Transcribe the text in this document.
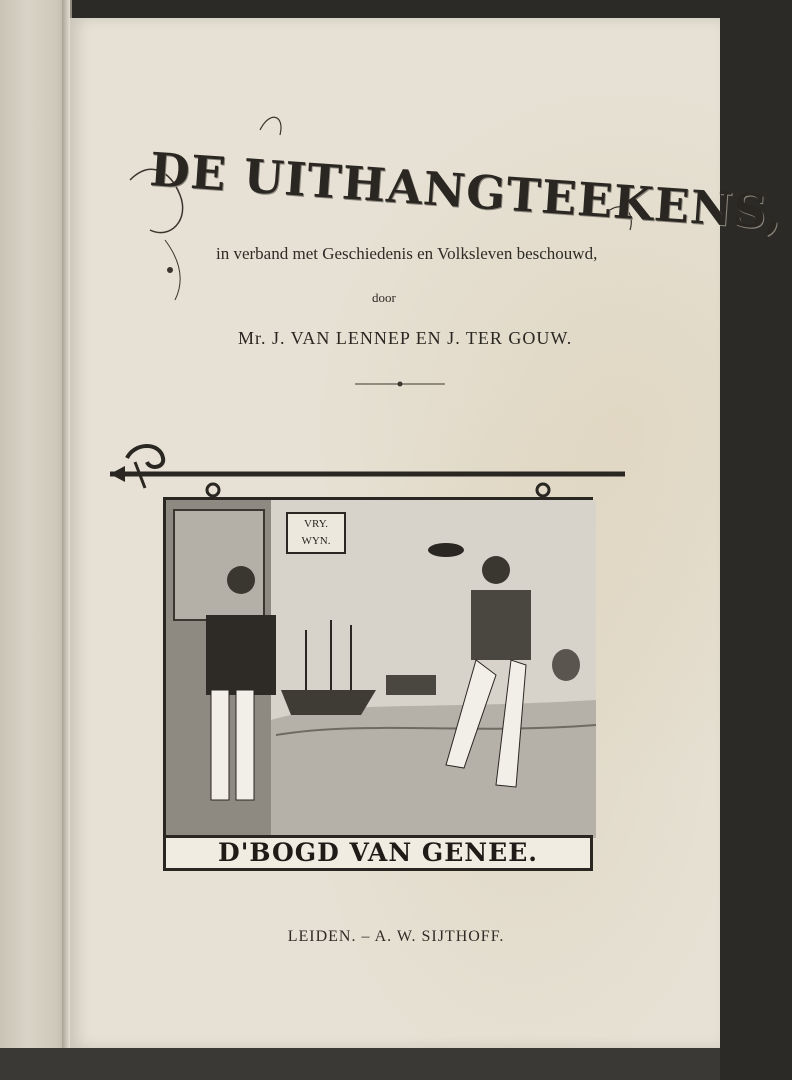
DE UITHANGTEEKENS,
in verband met Geschiedenis en Volksleven beschouwd,
door
Mr. J. VAN LENNEP EN J. TER GOUW.
VRY.
WYN.
D'BOGD VAN GENEE.
LEIDEN. – A. W. SIJTHOFF.
